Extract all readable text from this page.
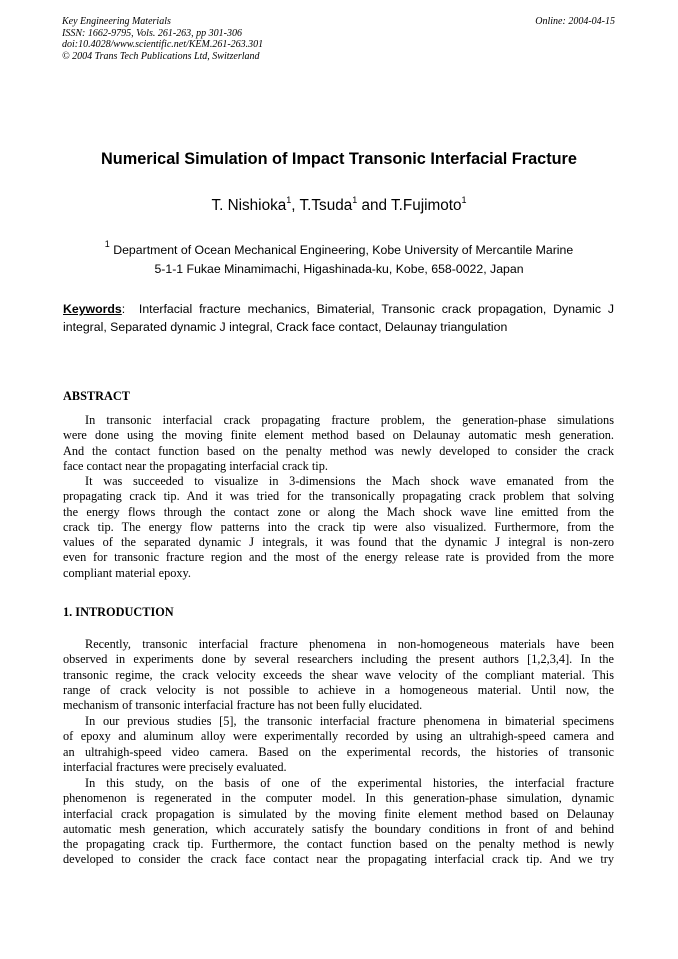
Key Engineering Materials	Online: 2004-04-15
ISSN: 1662-9795, Vols. 261-263, pp 301-306
doi:10.4028/www.scientific.net/KEM.261-263.301
© 2004 Trans Tech Publications Ltd, Switzerland
Numerical Simulation of Impact Transonic Interfacial Fracture
T. Nishioka$^1$, T.Tsuda$^1$ and T.Fujimoto$^1$
$^1$ Department of Ocean Mechanical Engineering, Kobe University of Mercantile Marine
5-1-1 Fukae Minamimachi, Higashinada-ku, Kobe, 658-0022, Japan
Keywords: Interfacial fracture mechanics, Bimaterial, Transonic crack propagation, Dynamic J integral, Separated dynamic J integral, Crack face contact, Delaunay triangulation
ABSTRACT
In transonic interfacial crack propagating fracture problem, the generation-phase simulations
were done using the moving finite element method based on Delaunay automatic mesh generation.
And the contact function based on the penalty method was newly developed to consider the crack
face contact near the propagating interfacial crack tip.
It was succeeded to visualize in 3-dimensions the Mach shock wave emanated from the
propagating crack tip. And it was tried for the transonically propagating crack problem that solving
the energy flows through the contact zone or along the Mach shock wave line emitted from the
crack tip. The energy flow patterns into the crack tip were also visualized. Furthermore, from the
values of the separated dynamic J integrals, it was found that the dynamic J integral is non-zero
even for transonic fracture region and the most of the energy release rate is provided from the more
compliant material epoxy.
1. INTRODUCTION
Recently, transonic interfacial fracture phenomena in non-homogeneous materials have been
observed in experiments done by several researchers including the present authors [1,2,3,4]. In the
transonic regime, the crack velocity exceeds the shear wave velocity of the compliant material. This
range of crack velocity is not possible to achieve in a homogeneous material. Until now, the
mechanism of transonic interfacial fracture has not been fully elucidated.
In our previous studies [5], the transonic interfacial fracture phenomena in bimaterial specimens
of epoxy and aluminum alloy were experimentally recorded by using an ultrahigh-speed camera and
an ultrahigh-speed video camera. Based on the experimental records, the histories of transonic
interfacial fractures were precisely evaluated.
In this study, on the basis of one of the experimental histories, the interfacial fracture
phenomenon is regenerated in the computer model. In this generation-phase simulation, dynamic
interfacial crack propagation is simulated by the moving finite element method based on Delaunay
automatic mesh generation, which accurately satisfy the boundary conditions in front of and behind
the propagating crack tip. Furthermore, the contact function based on the penalty method is newly
developed to consider the crack face contact near the propagating interfacial crack tip. And we try
